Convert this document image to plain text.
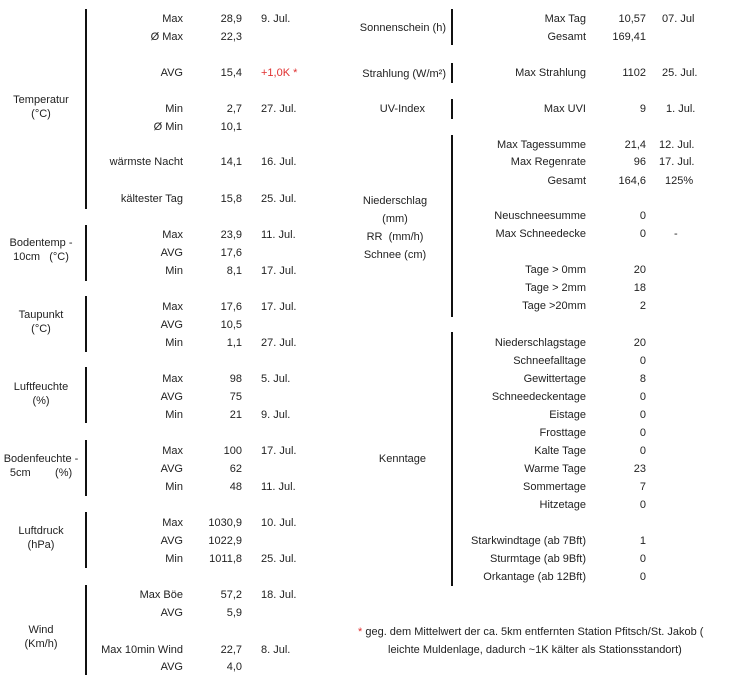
Temperatur
(°C)
Max	28,9 9. Jul.
Ø Max	22,3
AVG	15,4 +1,0K *
Min	2,7 27. Jul.
Ø Min	10,1
wärmste Nacht	14,1 16. Jul.
kältester Tag	15,8 25. Jul.
Bodentemp -
10cm   (°C)
Max	23,9 11. Jul.
AVG	17,6
Min	8,1 17. Jul.
Taupunkt
(°C)
Max	17,6 17. Jul.
AVG	10,5
Min	1,1 27. Jul.
Luftfeuchte
(%)
Max	98 5. Jul.
AVG	75
Min	21 9. Jul.
Bodenfeuchte -
5cm        (%)
Max	100 17. Jul.
AVG	62
Min	48 11. Jul.
Luftdruck
(hPa)
Max	1030,9 10. Jul.
AVG	1022,9
Min	1011,8 25. Jul.
Wind
(Km/h)
Max Böe	57,2 18. Jul.
AVG	5,9
Max 10min Wind	22,7 8. Jul.
AVG	4,0
Sonnenschein (h)
Max Tag	10,57 07. Jul
Gesamt	169,41
Strahlung (W/m²)	Max Strahlung	1102 25. Jul.
UV-Index	Max UVI	9 1. Jul.
Niederschlag
(mm)
RR  (mm/h)
Schnee (cm)
Max Tagessumme	21,4 12. Jul.
Max Regenrate	96 17. Jul.
Gesamt	164,6 125%
Neuschneesumme	0
Max Schneedecke	0	-
Tage > 0mm	20
Tage > 2mm	18
Tage >20mm	2
Kenntage
Niederschlagstage	20
Schneefalltage	0
Gewittertage	8
Schneedeckentage	0
Eistage	0
Frosttage	0
Kalte Tage	0
Warme Tage	23
Sommertage	7
Hitzetage	0
Starkwindtage (ab 7Bft)	1
Sturmtage (ab 9Bft)	0
Orkantage (ab 12Bft)	0
* geg. dem Mittelwert der ca. 5km entfernten Station Pfitsch/St. Jakob (
leichte Muldenlage, dadurch ~1K kälter als Stationsstandort)
